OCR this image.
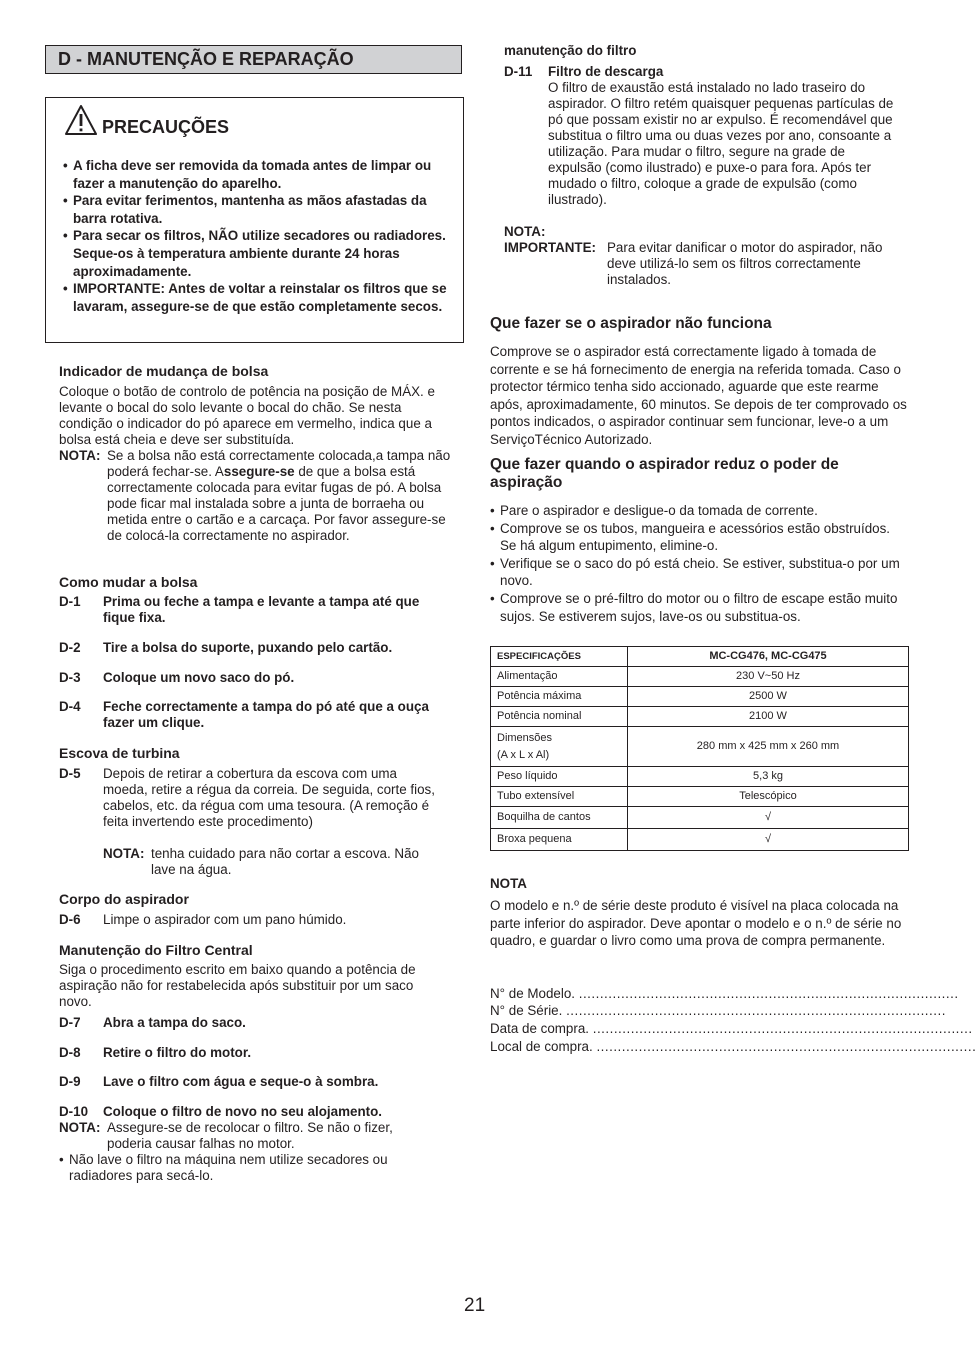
D - MANUTENÇÃO E REPARAÇÃO
PRECAUÇÕES
• A ficha deve ser removida da tomada antes de limpar ou fazer a manutenção do aparelho.
• Para evitar ferimentos, mantenha as mãos afastadas da barra rotativa.
• Para secar os filtros, NÃO utilize secadores ou radiadores. Seque-os à temperatura ambiente durante 24 horas aproximadamente.
• IMPORTANTE: Antes de voltar a reinstalar os filtros que se lavaram, assegure-se de que estão completamente secos.
Indicador de mudança de bolsa
Coloque o botão de controlo de potência na posição de MÁX. e levante o bocal do solo levante o bocal do chão. Se nesta condição o indicador do pó aparece em vermelho, indica que a bolsa está cheia e deve ser substituída.
NOTA: Se a bolsa não está correctamente colocada,a tampa não poderá fechar-se. Assegure-se de que a bolsa está correctamente colocada para evitar fugas de pó. A bolsa pode ficar mal instalada sobre a junta de borraeha ou metida entre o cartão e a carcaça. Por favor assegure-se de colocá-la correctamente no aspirador.
Como mudar a bolsa
D-1 Prima ou feche a tampa e levante a tampa até que fique fixa.
D-2 Tire a bolsa do suporte, puxando pelo cartão.
D-3 Coloque um novo saco do pó.
D-4 Feche correctamente a tampa do pó até que a ouça fazer um clique.
Escova de turbina
D-5 Depois de retirar a cobertura da escova com uma moeda, retire a régua da correia. De seguida, corte fios, cabelos, etc. da régua com uma tesoura. (A remoção é feita invertendo este procedimento)
NOTA: tenha cuidado para não cortar a escova. Não lave na água.
Corpo do aspirador
D-6 Limpe o aspirador com um pano húmido.
Manutenção do Filtro Central
Siga o procedimento escrito em baixo quando a potência de aspiração não for restabelecida após substituir por um saco novo.
D-7 Abra a tampa do saco.
D-8 Retire o filtro do motor.
D-9 Lave o filtro com água e seque-o à sombra.
D-10 Coloque o filtro de novo no seu alojamento.
NOTA: Assegure-se de recolocar o filtro. Se não o fizer, poderia causar falhas no motor.
• Não lave o filtro na máquina nem utilize secadores ou radiadores para secá-lo.
manutenção do filtro
D-11 Filtro de descarga
O filtro de exaustão está instalado no lado traseiro do aspirador. O filtro retém quaisquer pequenas partículas de pó que possam existir no ar expulso. É recomendável que substitua o filtro uma ou duas vezes por ano, consoante a utilização. Para mudar o filtro, segure na grade de expulsão (como ilustrado) e puxe-o para fora. Após ter mudado o filtro, coloque a grade de expulsão (como ilustrado).
NOTA:
IMPORTANTE: Para evitar danificar o motor do aspirador, não deve utilizá-lo sem os filtros correctamente instalados.
Que fazer se o aspirador não funciona
Comprove se o aspirador está correctamente ligado à tomada de corrente e se há fornecimento de energia na referida tomada. Caso o protector térmico tenha sido accionado, aguarde que este rearme após, aproximadamente, 60 minutos. Se depois de ter comprovado os pontos indicados, o aspirador continuar sem funcionar, leve-o a um ServiçoTécnico Autorizado.
Que fazer quando o aspirador reduz o poder de aspiração
• Pare o aspirador e desligue-o da tomada de corrente.
• Comprove se os tubos, mangueira e acessórios estão obstruídos. Se há algum entupimento, elimine-o.
• Verifique se o saco do pó está cheio. Se estiver, substitua-o por um novo.
• Comprove se o pré-filtro do motor ou o filtro de escape estão muito sujos. Se estiverem sujos, lave-os ou substitua-os.
ESPECIFICAÇÕES	MC-CG476, MC-CG475
Alimentação	230 V~50 Hz
Potência máxima	2500 W
Potência nominal	2100 W

Dimensões
(A x L x Al)	280 mm x 425 mm x 260 mm
Peso líquido	5,3 kg
Tubo extensível	Telescópico
Boquilha de cantos	√
Broxa pequena	√
NOTA
O modelo e n.º de série deste produto é visível na placa colocada na parte inferior do aspirador. Deve apontar o modelo e o n.º de série no quadro, e guardar o livro como uma prova de compra permanente.
N° de Modelo. ..........................................................................................
N° de Série. ..........................................................................................
Data de compra. ..........................................................................................
Local de compra. ..........................................................................................
21
